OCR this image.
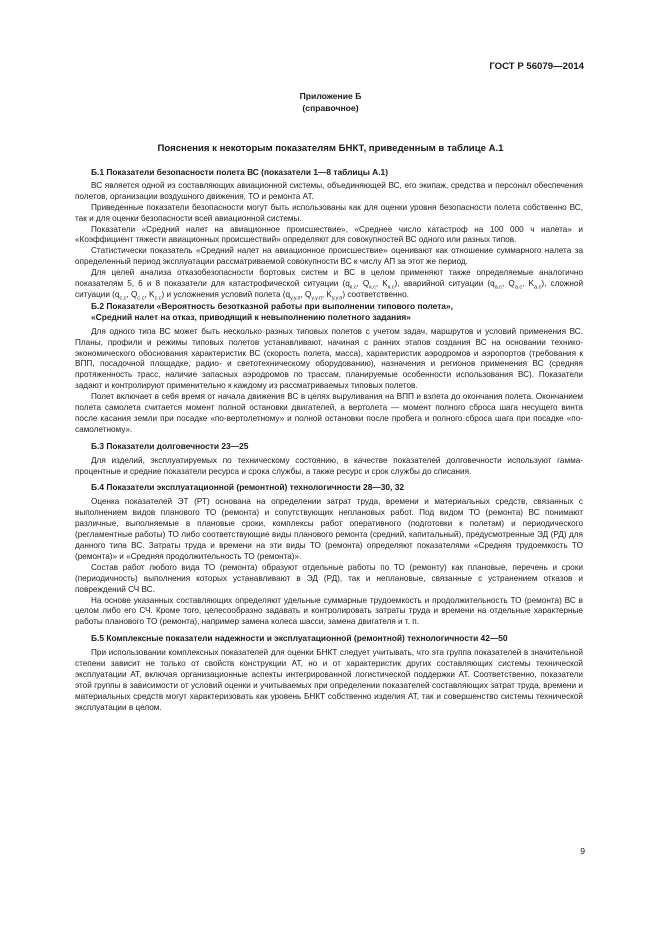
ГОСТ Р 56079—2014
Приложение Б
(справочное)
Пояснения к некоторым показателям БНКТ, приведенным в таблице А.1
Б.1 Показатели безопасности полета ВС (показатели 1—8 таблицы А.1)

ВС является одной из составляющих авиационной системы, объединяющей ВС, его экипаж, средства и персонал обеспечения полетов, организации воздушного движения, ТО и ремонта АТ.

Приведенные показатели безопасности могут быть использованы как для оценки уровня безопасности полета собственно ВС, так и для оценки безопасности всей авиационной системы.

Показатели «Средний налет на авиационное происшествие», «Среднее число катастроф на 100 000 ч налета» и «Коэффициент тяжести авиационных происшествий» определяют для совокупностей ВС одного или разных типов.

Статистически показатель «Средний налет на авиационное происшествие» оценивают как отношение суммарного налета за определенный период эксплуатации рассматриваемой совокупности ВС к числу АП за этот же период.

Для целей анализа отказобезопасности бортовых систем и ВС в целом применяют также определяемые аналогично показателям 5, 6 и 8 показатели для катастрофической ситуации ($q_{к.с}$, $Q_{к.с}$, $K_{к.с}$), аварийной ситуации ($q_{а.с}$, $Q_{а.с}$, $K_{а.с}$), сложной ситуации ($q_{с.с}$, $Q_{с.с}$, $K_{с.с}$) и усложнения условий полета ($q_{у.у.п}$, $Q_{у.у.п}$, $K_{у.у.п}$) соответственно.

Б.2 Показатели «Вероятность безотказной работы при выполнении типового полета»,
«Средний налет на отказ, приводящий к невыполнению полетного задания»

Для одного типа ВС может быть несколько разных типовых полетов с учетом задач, маршрутов и условий применения ВС. Планы, профили и режимы типовых полетов устанавливают, начиная с ранних этапов создания ВС на основании технико-экономического обоснования характеристик ВС (скорость полета, масса), характеристик аэродромов и аэропортов (требования к ВПП, посадочной площадке, радио- и светотехническому оборудованию), назначения и регионов применения ВС (средняя протяженность трасс, наличие запасных аэродромов по трассам, планируемые особенности использования ВС). Показатели задают и контролируют применительно к каждому из рассматриваемых типовых полетов.

Полет включает в себя время от начала движения ВС в целях выруливания на ВПП и взлета до окончания полета. Окончанием полета самолета считается момент полной остановки двигателей, а вертолета — момент полного сброса шага несущего винта после касания земли при посадке «по-вертолетному» и полной остановки после пробега и полного сброса шага при посадке «по-самолетному».

Б.3 Показатели долговечности 23—25

Для изделий, эксплуатируемых по техническому состоянию, в качестве показателей долговечности используют гамма-процентные и средние показатели ресурса и срока службы, а также ресурс и срок службы до списания.

Б.4 Показатели эксплуатационной (ремонтной) технологичности 28—30, 32

Оценка показателей ЭТ (РТ) основана на определении затрат труда, времени и материальных средств, связанных с выполнением видов планового ТО (ремонта) и сопутствующих неплановых работ. Под видом ТО (ремонта) ВС понимают различные, выполняемые в плановые сроки, комплексы работ оперативного (подготовки к полетам) и периодического (регламентные работы) ТО либо соответствующие виды планового ремонта (средний, капитальный), предусмотренные ЭД (РД) для данного типа ВС. Затраты труда и времени на эти виды ТО (ремонта) определяют показателями «Средняя трудоемкость ТО (ремонта)» и «Средняя продолжительность ТО (ремонта)».

Состав работ любого вида ТО (ремонта) образуют отдельные работы по ТО (ремонту) как плановые, перечень и сроки (периодичность) выполнения которых устанавливают в ЭД (РД), так и неплановые, связанные с устранением отказов и повреждений СЧ ВС.

На основе указанных составляющих определяют удельные суммарные трудоемкость и продолжительность ТО (ремонта) ВС в целом либо его СЧ. Кроме того, целесообразно задавать и контролировать затраты труда и времени на отдельные характерные работы планового ТО (ремонта), например замена колеса шасси, замена двигателя и т. п.

Б.5 Комплексные показатели надежности и эксплуатационной (ремонтной) технологичности 42—50

При использовании комплексных показателей для оценки БНКТ следует учитывать, что эта группа показателей в значительной степени зависит не только от свойств конструкции АТ, но и от характеристик других составляющих системы технической эксплуатации АТ, включая организационные аспекты интегрированной логистической поддержки АТ. Соответственно, показатели этой группы в зависимости от условий оценки и учитываемых при определении показателей составляющих затрат труда, времени и материальных средств могут характеризовать как уровень БНКТ собственно изделия АТ, так и совершенство системы технической эксплуатации в целом.

9
